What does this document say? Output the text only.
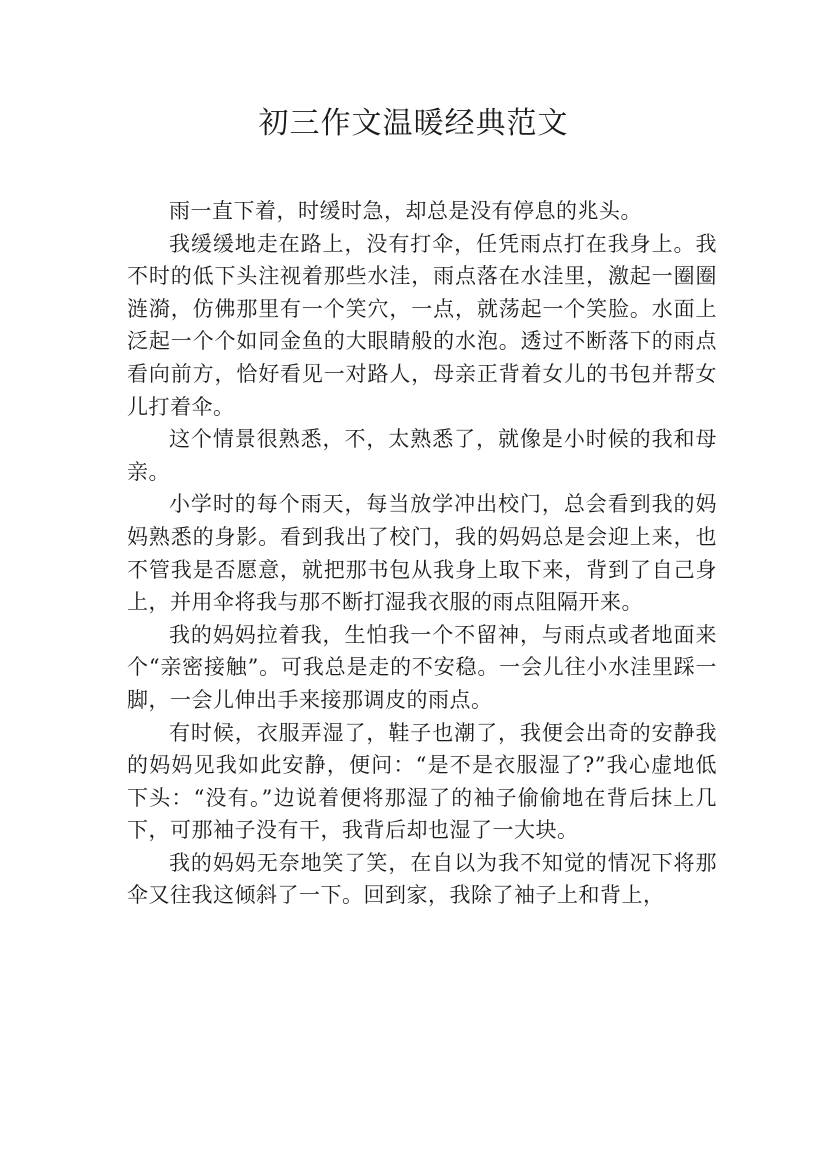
初三作文温暖经典范文

雨一直下着，时缓时急，却总是没有停息的兆头。

我缓缓地走在路上，没有打伞，任凭雨点打在我身上。我不时的低下头注视着那些水洼，雨点落在水洼里，激起一圈圈涟漪，仿佛那里有一个笑穴，一点，就荡起一个笑脸。水面上泛起一个个如同金鱼的大眼睛般的水泡。透过不断落下的雨点看向前方，恰好看见一对路人，母亲正背着女儿的书包并帮女儿打着伞。

这个情景很熟悉，不，太熟悉了，就像是小时候的我和母亲。

小学时的每个雨天，每当放学冲出校门，总会看到我的妈妈熟悉的身影。看到我出了校门，我的妈妈总是会迎上来，也不管我是否愿意，就把那书包从我身上取下来，背到了自己身上，并用伞将我与那不断打湿我衣服的雨点阻隔开来。

我的妈妈拉着我，生怕我一个不留神，与雨点或者地面来个“亲密接触”。可我总是走的不安稳。一会儿往小水洼里踩一脚，一会儿伸出手来接那调皮的雨点。

有时候，衣服弄湿了，鞋子也潮了，我便会出奇的安静我的妈妈见我如此安静，便问：“是不是衣服湿了?”我心虚地低下头：“没有。”边说着便将那湿了的袖子偷偷地在背后抹上几下，可那袖子没有干，我背后却也湿了一大块。

我的妈妈无奈地笑了笑，在自以为我不知觉的情况下将那伞又往我这倾斜了一下。回到家，我除了袖子上和背上，
